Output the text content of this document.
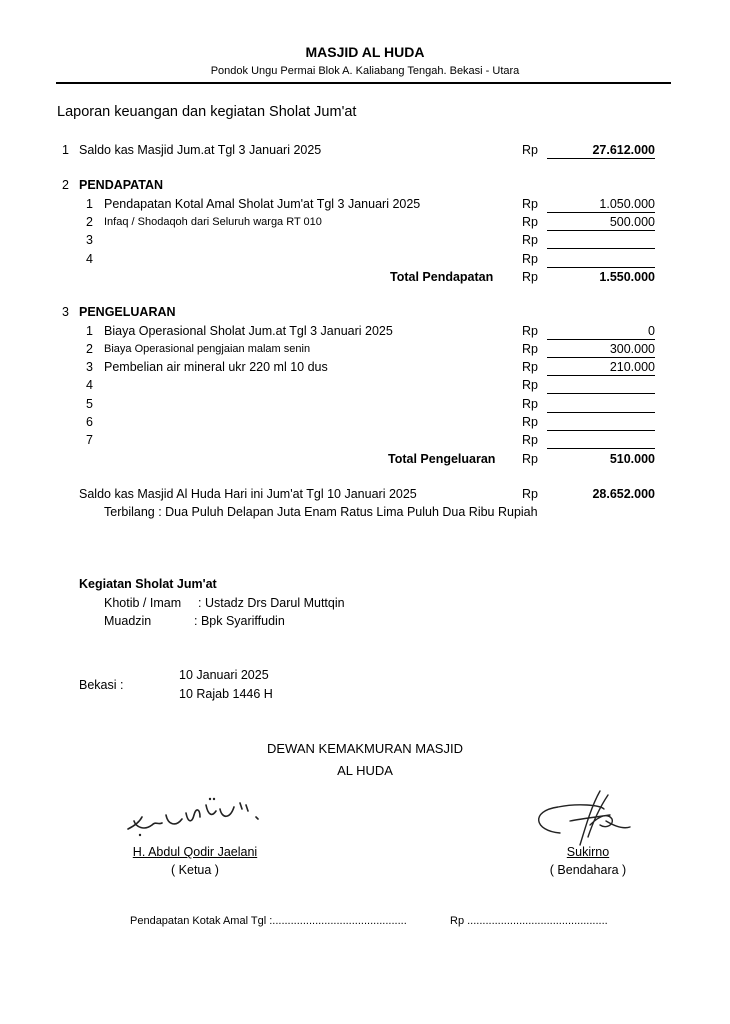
MASJID AL HUDA
Pondok Ungu Permai Blok A. Kaliabang Tengah. Bekasi - Utara
Laporan keuangan dan kegiatan Sholat Jum'at
1 Saldo kas Masjid Jum.at Tgl 3 Januari 2025	Rp	27.612.000
2 PENDAPATAN
1 Pendapatan Kotal Amal Sholat Jum'at Tgl 3 Januari 2025	Rp	1.050.000
2	Infaq / Shodaqoh dari Seluruh warga RT 010	Rp	500.000
3	Rp
4	Rp
Total Pendapatan Rp	1.550.000
3 PENGELUARAN
1 Biaya Operasional Sholat Jum.at Tgl 3 Januari 2025	Rp	0
2	Biaya Operasional pengjaian malam senin	Rp	300.000
3 Pembelian air mineral ukr 220 ml 10 dus	Rp	210.000
4	Rp
5	Rp
6	Rp
7	Rp
Total Pengeluaran Rp	510.000
Saldo kas Masjid Al Huda Hari ini Jum'at Tgl 10 Januari 2025	Rp	28.652.000
Terbilang : Dua Puluh Delapan Juta Enam Ratus Lima Puluh Dua Ribu Rupiah
Kegiatan Sholat Jum'at
Khotib / Imam : Ustadz Drs Darul Muttqin
Muadzin	: Bpk Syariffudin
Bekasi :
10 Januari 2025
10 Rajab 1446 H
DEWAN KEMAKMURAN MASJID
AL HUDA
H. Abdul Qodir Jaelani
( Ketua )
Sukirno
( Bendahara )
Pendapatan Kotak Amal Tgl :............................................	Rp ..............................................
